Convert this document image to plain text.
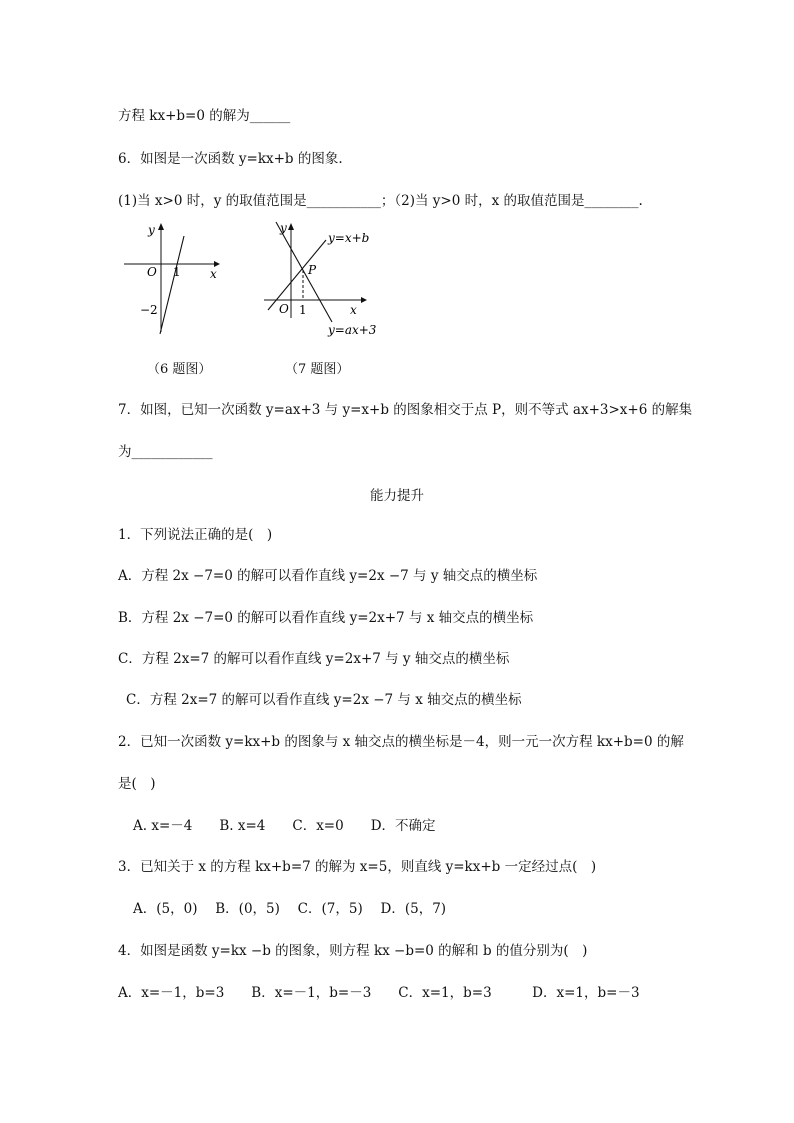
方程 kx+b=0 的解为______
6．如图是一次函数 y=kx+b 的图象.
(1)当 x>0 时，y 的取值范围是___________；（2)当 y>0 时，x 的取值范围是________.
y
x
O 1
−2
（6 题图）
y
x
O 1
P
y=x+b
y=ax+3
（7 题图）
7．如图，已知一次函数 y=ax+3 与 y=x+b 的图象相交于点 P，则不等式 ax+3>x+6 的解集
为____________
能力提升
1．下列说法正确的是(　)
A．方程 2x −7=0 的解可以看作直线 y=2x −7 与 y 轴交点的横坐标
B．方程 2x −7=0 的解可以看作直线 y=2x+7 与 x 轴交点的横坐标
C．方程 2x=7 的解可以看作直线 y=2x+7 与 y 轴交点的横坐标
C．方程 2x=7 的解可以看作直线 y=2x −7 与 x 轴交点的横坐标
2．已知一次函数 y=kx+b 的图象与 x 轴交点的横坐标是－4，则一元一次方程 kx+b=0 的解
是(　)
A. x=－4　　B. x=4　　C．x=0　　D．不确定
3．已知关于 x 的方程 kx+b=7 的解为 x=5，则直线 y=kx+b 一定经过点(　)
A．(5，0)　 B．(0，5)　 C．(7，5)　 D．(5，7)
4．如图是函数 y=kx −b 的图象，则方程 kx −b=0 的解和 b 的值分别为(　)
A．x=－1，b=3　　B．x=－1，b=－3　　C．x=1，b=3　　　D．x=1，b=－3
